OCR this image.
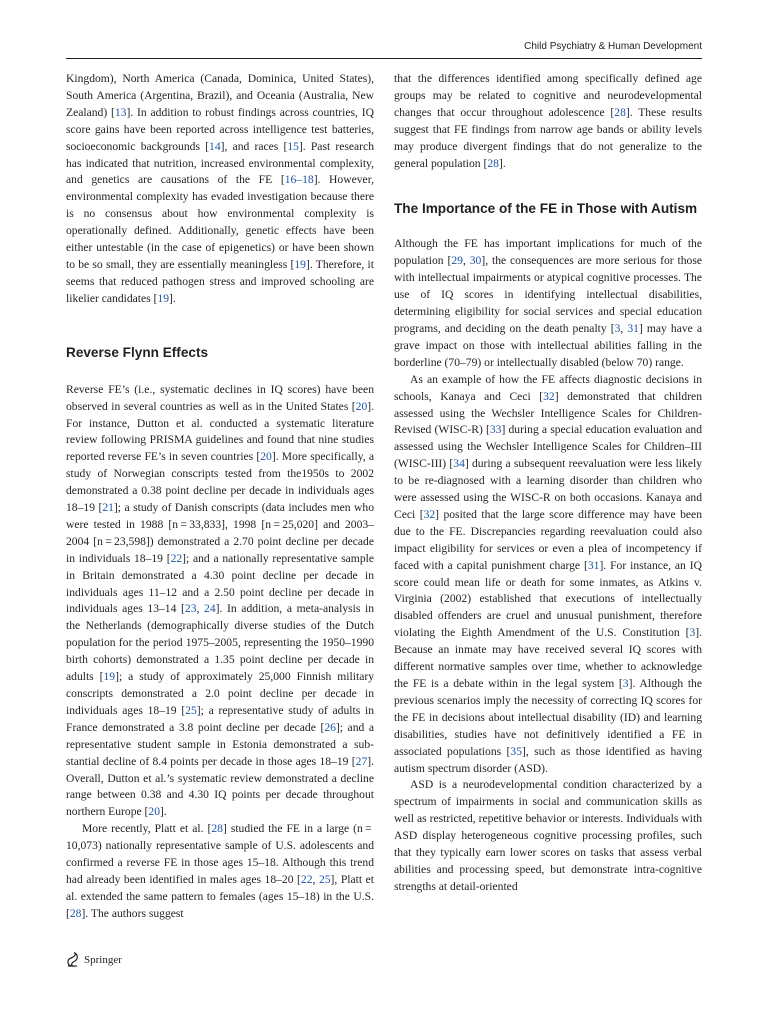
Child Psychiatry & Human Development

Kingdom), North America (Canada, Dominica, United States), South America (Argentina, Brazil), and Oceania (Australia, New Zealand) [13]. In addition to robust findings across countries, IQ score gains have been reported across intelligence test batteries, socioeconomic backgrounds [14], and races [15]. Past research has indicated that nutrition, increased environmental complexity, and genetics are causations of the FE [16–18]. However, environmental complexity has evaded investigation because there is no consensus about how environmental complexity is operationally defined. Additionally, genetic effects have been either untestable (in the case of epigenetics) or have been shown to be so small, they are essentially meaningless [19]. Therefore, it seems that reduced pathogen stress and improved schooling are likelier candidates [19].

Reverse Flynn Effects

Reverse FE’s (i.e., systematic declines in IQ scores) have been observed in several countries as well as in the United States [20]. For instance, Dutton et al. conducted a systematic literature review following PRISMA guidelines and found that nine studies reported reverse FE’s in seven countries [20]. More specifically, a study of Norwegian conscripts tested from the1950s to 2002 demonstrated a 0.38 point decline per decade in individuals ages 18–19 [21]; a study of Danish conscripts (data includes men who were tested in 1988 [n = 33,833], 1998 [n = 25,020] and 2003–2004 [n = 23,598]) demonstrated a 2.70 point decline per decade in individuals 18–19 [22]; and a nationally representative sample in Britain demonstrated a 4.30 point decline per decade in individuals ages 11–12 and a 2.50 point decline per decade in individuals ages 13–14 [23, 24]. In addition, a meta-analysis in the Netherlands (demographically diverse studies of the Dutch population for the period 1975–2005, representing the 1950–1990 birth cohorts) demonstrated a 1.35 point decline per decade in adults [19]; a study of approximately 25,000 Finnish military conscripts demonstrated a 2.0 point decline per decade in individuals ages 18–19 [25]; a representative study of adults in France demonstrated a 3.8 point decline per decade [26]; and a representative student sample in Estonia demonstrated a substantial decline of 8.4 points per decade in those ages 18–19 [27]. Overall, Dutton et al.’s systematic review demonstrated a decline range between 0.38 and 4.30 IQ points per decade throughout northern Europe [20].

More recently, Platt et al. [28] studied the FE in a large (n = 10,073) nationally representative sample of U.S. adolescents and confirmed a reverse FE in those ages 15–18. Although this trend had already been identified in males ages 18–20 [22, 25], Platt et al. extended the same pattern to females (ages 15–18) in the U.S.[28]. The authors suggest

that the differences identified among specifically defined age groups may be related to cognitive and neurodevelopmental changes that occur throughout adolescence [28]. These results suggest that FE findings from narrow age bands or ability levels may produce divergent findings that do not generalize to the general population [28].

The Importance of the FE in Those with Autism

Although the FE has important implications for much of the population [29, 30], the consequences are more serious for those with intellectual impairments or atypical cognitive processes. The use of IQ scores in identifying intellectual disabilities, determining eligibility for social services and special education programs, and deciding on the death penalty [3, 31] may have a grave impact on those with intellectual abilities falling in the borderline (70–79) or intellectually disabled (below 70) range.

As an example of how the FE affects diagnostic decisions in schools, Kanaya and Ceci [32] demonstrated that children assessed using the Wechsler Intelligence Scales for Children-Revised (WISC-R) [33] during a special education evaluation and assessed using the Wechsler Intelligence Scales for Children–III (WISC-III) [34] during a subsequent reevaluation were less likely to be re-diagnosed with a learning disorder than children who were assessed using the WISC-R on both occasions. Kanaya and Ceci [32] posited that the large score difference may have been due to the FE. Discrepancies regarding reevaluation could also impact eligibility for services or even a plea of incompetency if faced with a capital punishment charge [31]. For instance, an IQ score could mean life or death for some inmates, as Atkins v. Virginia (2002) established that executions of intellectually disabled offenders are cruel and unusual punishment, therefore violating the Eighth Amendment of the U.S. Constitution [3]. Because an inmate may have received several IQ scores with different normative samples over time, whether to acknowledge the FE is a debate within in the legal system [3]. Although the previous scenarios imply the necessity of correcting IQ scores for the FE in decisions about intellectual disability (ID) and learning disabilities, studies have not definitively identified a FE in associated populations [35], such as those identified as having autism spectrum disorder (ASD).

ASD is a neurodevelopmental condition characterized by a spectrum of impairments in social and communication skills as well as restricted, repetitive behavior or interests. Individuals with ASD display heterogeneous cognitive processing profiles, such that they typically earn lower scores on tasks that assess verbal abilities and processing speed, but demonstrate intra-cognitive strengths at detail-oriented

Springer
